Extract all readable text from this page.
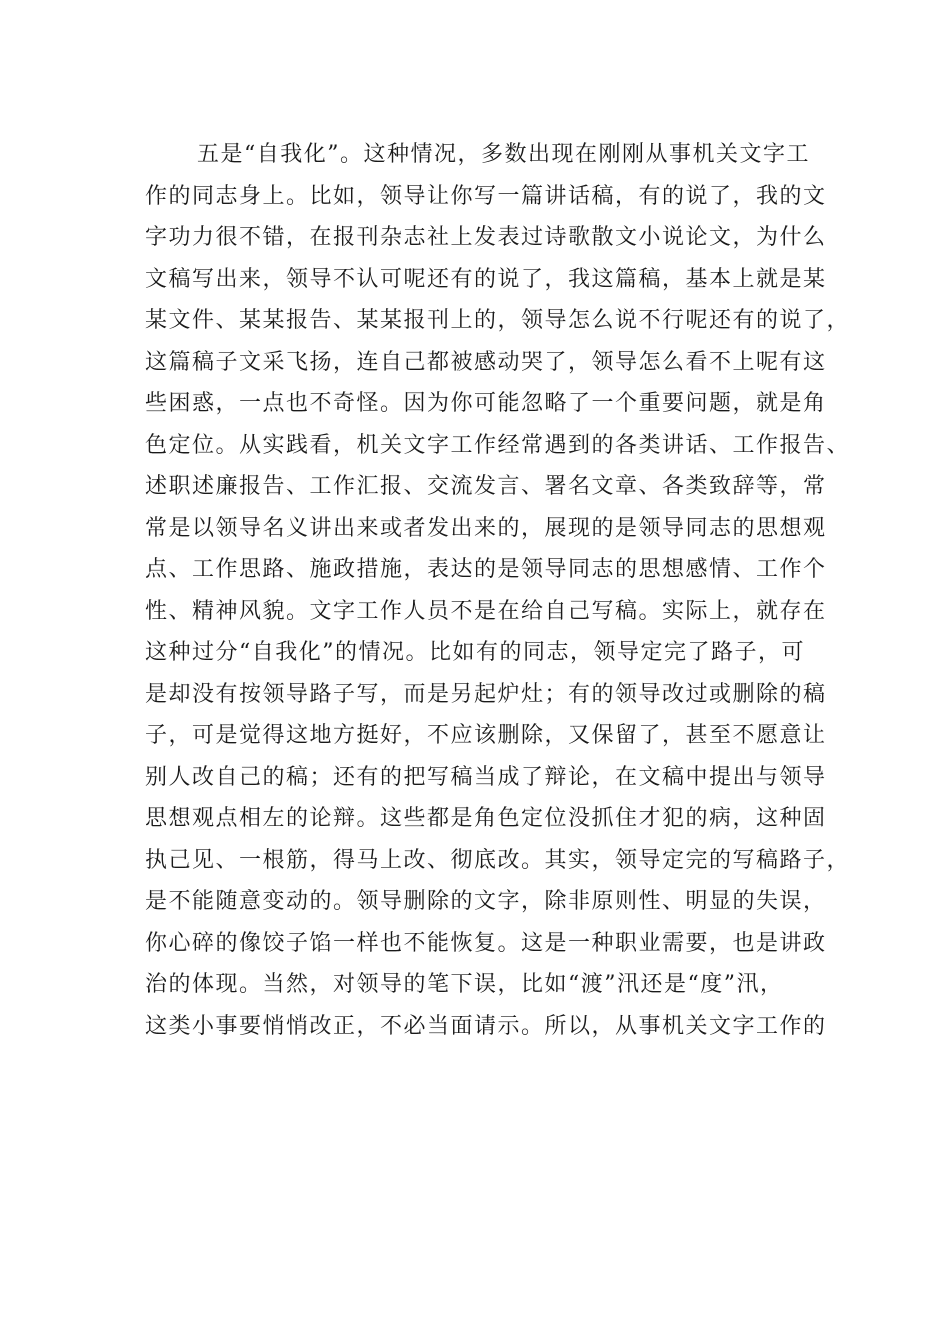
五是“自我化”。这种情况，多数出现在刚刚从事机关文字工
作的同志身上。比如，领导让你写一篇讲话稿，有的说了，我的文
字功力很不错，在报刊杂志社上发表过诗歌散文小说论文，为什么
文稿写出来，领导不认可呢还有的说了，我这篇稿，基本上就是某
某文件、某某报告、某某报刊上的，领导怎么说不行呢还有的说了，
这篇稿子文采飞扬，连自己都被感动哭了，领导怎么看不上呢有这
些困惑，一点也不奇怪。因为你可能忽略了一个重要问题，就是角
色定位。从实践看，机关文字工作经常遇到的各类讲话、工作报告、
述职述廉报告、工作汇报、交流发言、署名文章、各类致辞等，常
常是以领导名义讲出来或者发出来的，展现的是领导同志的思想观
点、工作思路、施政措施，表达的是领导同志的思想感情、工作个
性、精神风貌。文字工作人员不是在给自己写稿。实际上，就存在
这种过分“自我化”的情况。比如有的同志，领导定完了路子，可
是却没有按领导路子写，而是另起炉灶；有的领导改过或删除的稿
子，可是觉得这地方挺好，不应该删除，又保留了，甚至不愿意让
别人改自己的稿；还有的把写稿当成了辩论，在文稿中提出与领导
思想观点相左的论辩。这些都是角色定位没抓住才犯的病，这种固
执己见、一根筋，得马上改、彻底改。其实，领导定完的写稿路子，
是不能随意变动的。领导删除的文字，除非原则性、明显的失误，
你心碎的像饺子馅一样也不能恢复。这是一种职业需要，也是讲政
治的体现。当然，对领导的笔下误，比如“渡”汛还是“度”汛，
这类小事要悄悄改正，不必当面请示。所以，从事机关文字工作的
